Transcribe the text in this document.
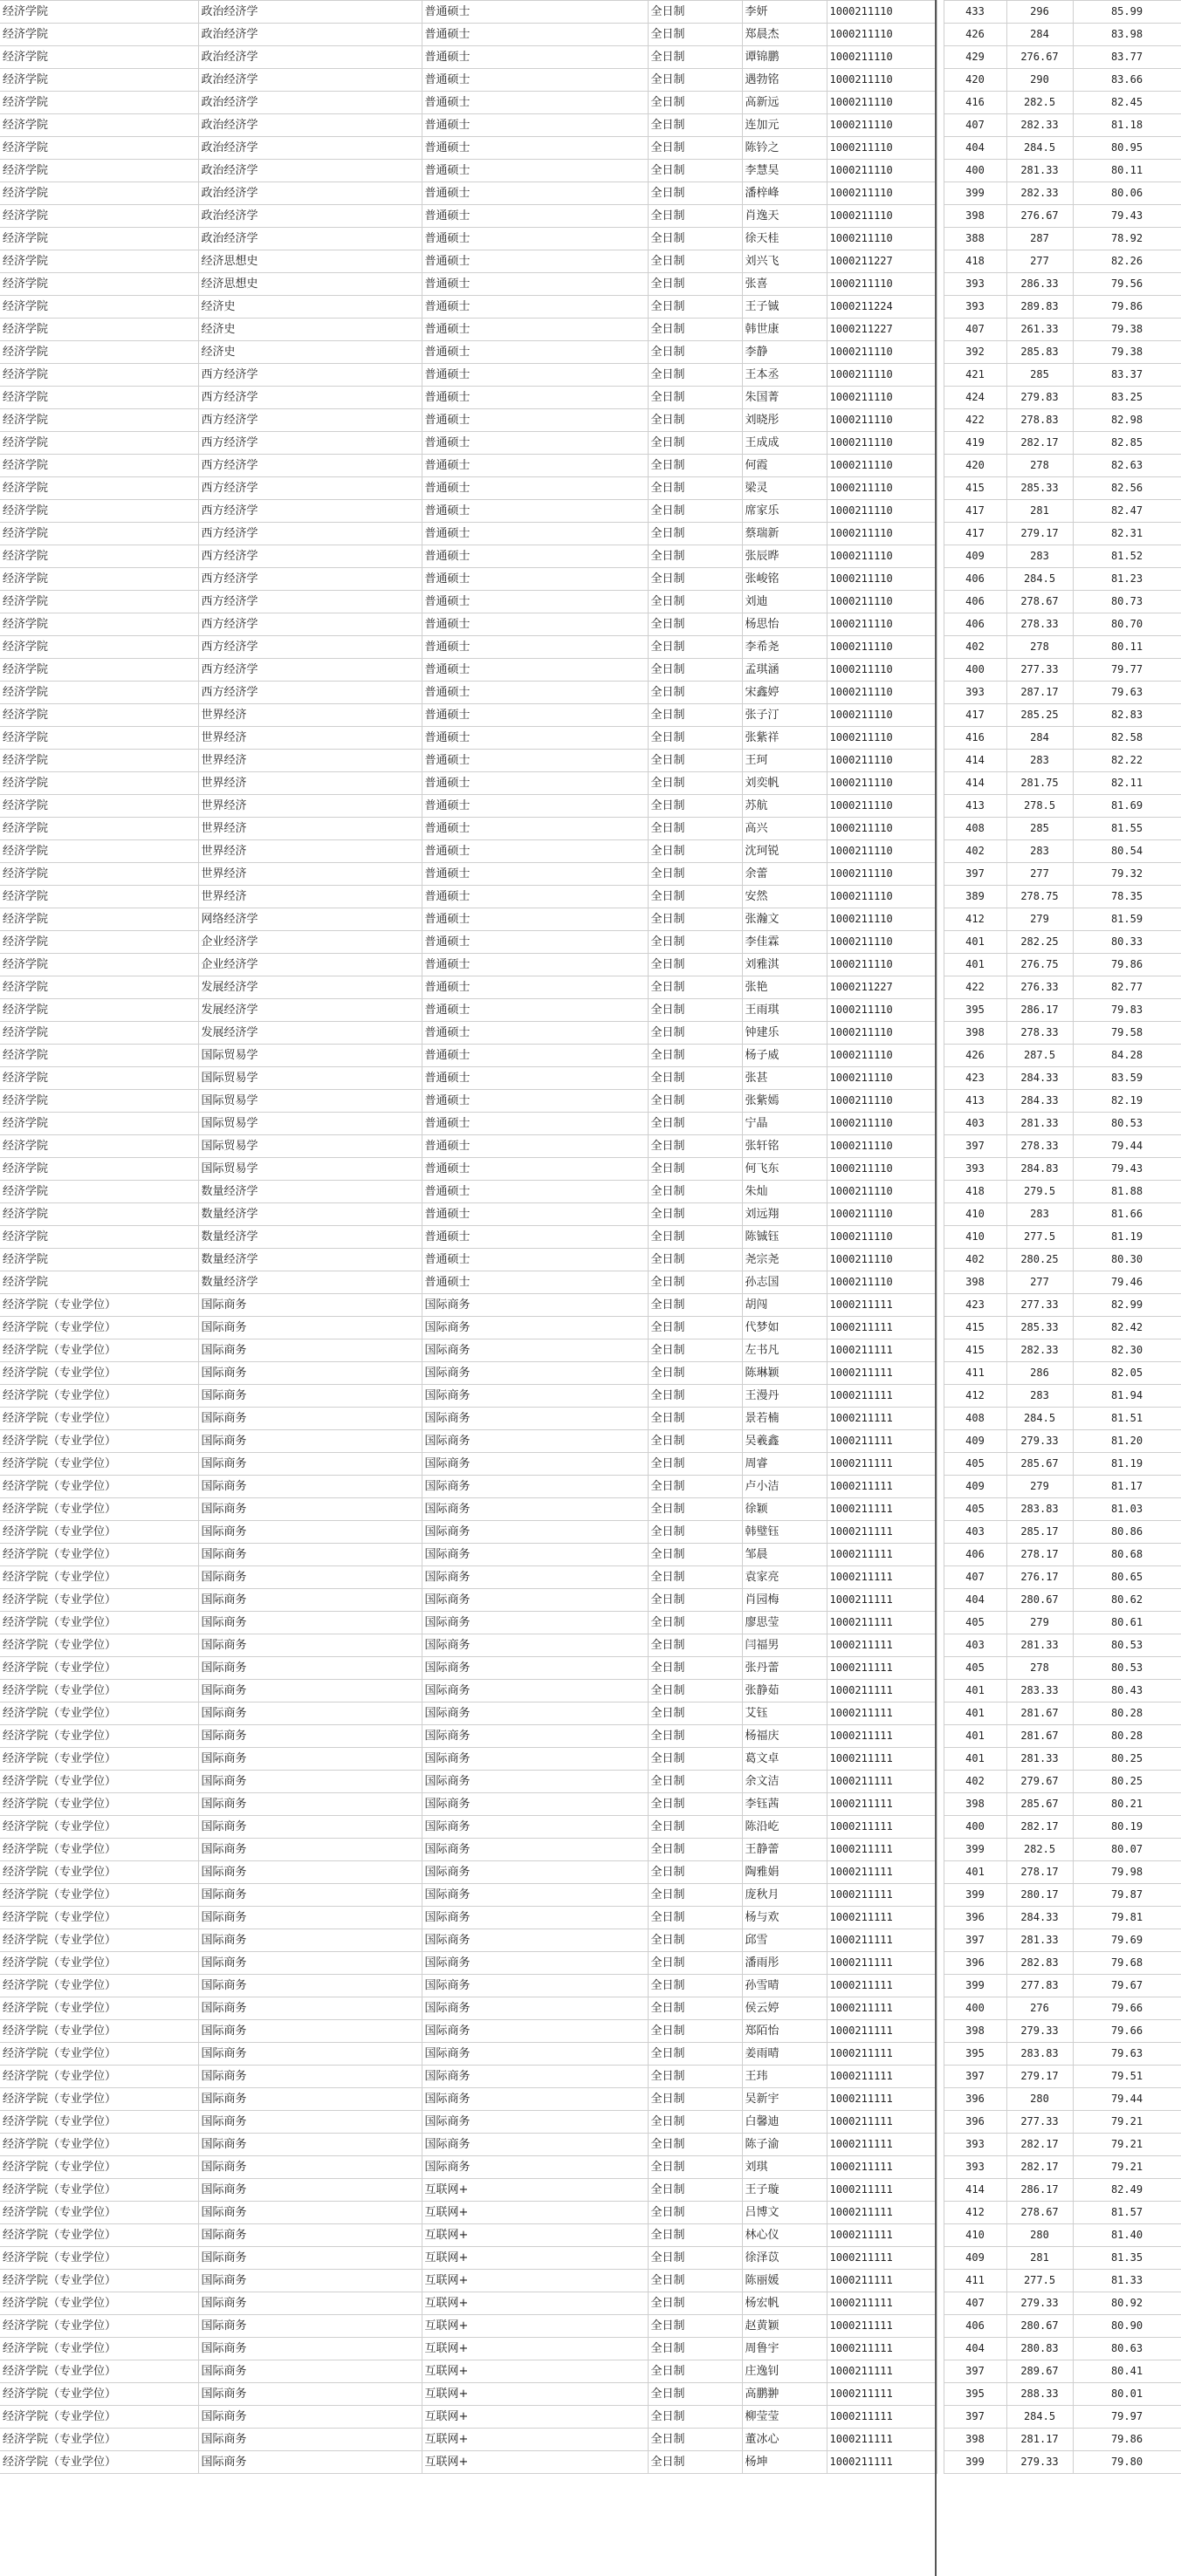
经济学院	政治经济学	普通硕士	全日制	李妍	1000211110		433	296	85.99	
经济学院	政治经济学	普通硕士	全日制	郑晨杰	1000211110		426	284	83.98	
经济学院	政治经济学	普通硕士	全日制	谭锦鹏	1000211110		429	276.67	83.77	
经济学院	政治经济学	普通硕士	全日制	遇勃铭	1000211110		420	290	83.66	
经济学院	政治经济学	普通硕士	全日制	高新远	1000211110		416	282.5	82.45	
经济学院	政治经济学	普通硕士	全日制	连加元	1000211110		407	282.33	81.18	
经济学院	政治经济学	普通硕士	全日制	陈钤之	1000211110		404	284.5	80.95	
经济学院	政治经济学	普通硕士	全日制	李慧昊	1000211110		400	281.33	80.11	
经济学院	政治经济学	普通硕士	全日制	潘梓峰	1000211110		399	282.33	80.06	
经济学院	政治经济学	普通硕士	全日制	肖逸天	1000211110		398	276.67	79.43	
经济学院	政治经济学	普通硕士	全日制	徐天桂	1000211110		388	287	78.92	
经济学院	经济思想史	普通硕士	全日制	刘兴飞	1000211227		418	277	82.26	
经济学院	经济思想史	普通硕士	全日制	张喜	1000211110		393	286.33	79.56	
经济学院	经济史	普通硕士	全日制	王子铖	1000211224		393	289.83	79.86	
经济学院	经济史	普通硕士	全日制	韩世康	1000211227		407	261.33	79.38	
经济学院	经济史	普通硕士	全日制	李静	1000211110		392	285.83	79.38	
经济学院	西方经济学	普通硕士	全日制	王本丞	1000211110		421	285	83.37	
经济学院	西方经济学	普通硕士	全日制	朱国菁	1000211110		424	279.83	83.25	
经济学院	西方经济学	普通硕士	全日制	刘晓彤	1000211110		422	278.83	82.98	
经济学院	西方经济学	普通硕士	全日制	王成成	1000211110		419	282.17	82.85	
经济学院	西方经济学	普通硕士	全日制	何霞	1000211110		420	278	82.63	
经济学院	西方经济学	普通硕士	全日制	梁灵	1000211110		415	285.33	82.56	
经济学院	西方经济学	普通硕士	全日制	席家乐	1000211110		417	281	82.47	
经济学院	西方经济学	普通硕士	全日制	蔡瑞新	1000211110		417	279.17	82.31	
经济学院	西方经济学	普通硕士	全日制	张辰晔	1000211110		409	283	81.52	
经济学院	西方经济学	普通硕士	全日制	张峻铭	1000211110		406	284.5	81.23	
经济学院	西方经济学	普通硕士	全日制	刘迪	1000211110		406	278.67	80.73	
经济学院	西方经济学	普通硕士	全日制	杨思怡	1000211110		406	278.33	80.70	
经济学院	西方经济学	普通硕士	全日制	李希尧	1000211110		402	278	80.11	
经济学院	西方经济学	普通硕士	全日制	孟琪涵	1000211110		400	277.33	79.77	
经济学院	西方经济学	普通硕士	全日制	宋鑫婷	1000211110		393	287.17	79.63	
经济学院	世界经济	普通硕士	全日制	张子汀	1000211110		417	285.25	82.83	
经济学院	世界经济	普通硕士	全日制	张紫祥	1000211110		416	284	82.58	
经济学院	世界经济	普通硕士	全日制	王珂	1000211110		414	283	82.22	
经济学院	世界经济	普通硕士	全日制	刘奕帆	1000211110		414	281.75	82.11	
经济学院	世界经济	普通硕士	全日制	苏航	1000211110		413	278.5	81.69	
经济学院	世界经济	普通硕士	全日制	高兴	1000211110		408	285	81.55	
经济学院	世界经济	普通硕士	全日制	沈珂锐	1000211110		402	283	80.54	
经济学院	世界经济	普通硕士	全日制	余蕾	1000211110		397	277	79.32	
经济学院	世界经济	普通硕士	全日制	安然	1000211110		389	278.75	78.35	
经济学院	网络经济学	普通硕士	全日制	张瀚文	1000211110		412	279	81.59	
经济学院	企业经济学	普通硕士	全日制	李佳霖	1000211110		401	282.25	80.33	
经济学院	企业经济学	普通硕士	全日制	刘雅淇	1000211110		401	276.75	79.86	
经济学院	发展经济学	普通硕士	全日制	张艳	1000211227		422	276.33	82.77	
经济学院	发展经济学	普通硕士	全日制	王雨琪	1000211110		395	286.17	79.83	
经济学院	发展经济学	普通硕士	全日制	钟建乐	1000211110		398	278.33	79.58	
经济学院	国际贸易学	普通硕士	全日制	杨子威	1000211110		426	287.5	84.28	
经济学院	国际贸易学	普通硕士	全日制	张甚	1000211110		423	284.33	83.59	
经济学院	国际贸易学	普通硕士	全日制	张紫嫣	1000211110		413	284.33	82.19	
经济学院	国际贸易学	普通硕士	全日制	宁晶	1000211110		403	281.33	80.53	
经济学院	国际贸易学	普通硕士	全日制	张轩铭	1000211110		397	278.33	79.44	
经济学院	国际贸易学	普通硕士	全日制	何飞东	1000211110		393	284.83	79.43	
经济学院	数量经济学	普通硕士	全日制	朱灿	1000211110		418	279.5	81.88	
经济学院	数量经济学	普通硕士	全日制	刘远翔	1000211110		410	283	81.66	
经济学院	数量经济学	普通硕士	全日制	陈铖钰	1000211110		410	277.5	81.19	
经济学院	数量经济学	普通硕士	全日制	尧宗尧	1000211110		402	280.25	80.30	
经济学院	数量经济学	普通硕士	全日制	孙志国	1000211110		398	277	79.46	
经济学院（专业学位）	国际商务	国际商务	全日制	胡闯	1000211111		423	277.33	82.99	
经济学院（专业学位）	国际商务	国际商务	全日制	代梦如	1000211111		415	285.33	82.42	
经济学院（专业学位）	国际商务	国际商务	全日制	左书凡	1000211111		415	282.33	82.30	
经济学院（专业学位）	国际商务	国际商务	全日制	陈琳颖	1000211111		411	286	82.05	
经济学院（专业学位）	国际商务	国际商务	全日制	王漫丹	1000211111		412	283	81.94	
经济学院（专业学位）	国际商务	国际商务	全日制	景若楠	1000211111		408	284.5	81.51	
经济学院（专业学位）	国际商务	国际商务	全日制	吴羲鑫	1000211111		409	279.33	81.20	
经济学院（专业学位）	国际商务	国际商务	全日制	周睿	1000211111		405	285.67	81.19	
经济学院（专业学位）	国际商务	国际商务	全日制	卢小洁	1000211111		409	279	81.17	
经济学院（专业学位）	国际商务	国际商务	全日制	徐颖	1000211111		405	283.83	81.03	
经济学院（专业学位）	国际商务	国际商务	全日制	韩璧钰	1000211111		403	285.17	80.86	
经济学院（专业学位）	国际商务	国际商务	全日制	邹晨	1000211111		406	278.17	80.68	
经济学院（专业学位）	国际商务	国际商务	全日制	袁家亮	1000211111		407	276.17	80.65	
经济学院（专业学位）	国际商务	国际商务	全日制	肖园梅	1000211111		404	280.67	80.62	
经济学院（专业学位）	国际商务	国际商务	全日制	廖思莹	1000211111		405	279	80.61	
经济学院（专业学位）	国际商务	国际商务	全日制	闫福男	1000211111		403	281.33	80.53	
经济学院（专业学位）	国际商务	国际商务	全日制	张丹蕾	1000211111		405	278	80.53	
经济学院（专业学位）	国际商务	国际商务	全日制	张静茹	1000211111		401	283.33	80.43	
经济学院（专业学位）	国际商务	国际商务	全日制	艾钰	1000211111		401	281.67	80.28	
经济学院（专业学位）	国际商务	国际商务	全日制	杨福庆	1000211111		401	281.67	80.28	
经济学院（专业学位）	国际商务	国际商务	全日制	葛文卓	1000211111		401	281.33	80.25	
经济学院（专业学位）	国际商务	国际商务	全日制	余文洁	1000211111		402	279.67	80.25	
经济学院（专业学位）	国际商务	国际商务	全日制	李钰茜	1000211111		398	285.67	80.21	
经济学院（专业学位）	国际商务	国际商务	全日制	陈沿屹	1000211111		400	282.17	80.19	
经济学院（专业学位）	国际商务	国际商务	全日制	王静蕾	1000211111		399	282.5	80.07	
经济学院（专业学位）	国际商务	国际商务	全日制	陶雅娟	1000211111		401	278.17	79.98	
经济学院（专业学位）	国际商务	国际商务	全日制	庞秋月	1000211111		399	280.17	79.87	
经济学院（专业学位）	国际商务	国际商务	全日制	杨与欢	1000211111		396	284.33	79.81	
经济学院（专业学位）	国际商务	国际商务	全日制	邱雪	1000211111		397	281.33	79.69	
经济学院（专业学位）	国际商务	国际商务	全日制	潘雨彤	1000211111		396	282.83	79.68	
经济学院（专业学位）	国际商务	国际商务	全日制	孙雪晴	1000211111		399	277.83	79.67	
经济学院（专业学位）	国际商务	国际商务	全日制	侯云婷	1000211111		400	276	79.66	
经济学院（专业学位）	国际商务	国际商务	全日制	郑陌怡	1000211111		398	279.33	79.66	
经济学院（专业学位）	国际商务	国际商务	全日制	姜雨晴	1000211111		395	283.83	79.63	
经济学院（专业学位）	国际商务	国际商务	全日制	王玮	1000211111		397	279.17	79.51	
经济学院（专业学位）	国际商务	国际商务	全日制	吴新宇	1000211111		396	280	79.44	
经济学院（专业学位）	国际商务	国际商务	全日制	白馨迪	1000211111		396	277.33	79.21	
经济学院（专业学位）	国际商务	国际商务	全日制	陈子渝	1000211111		393	282.17	79.21	
经济学院（专业学位）	国际商务	国际商务	全日制	刘琪	1000211111		393	282.17	79.21	
经济学院（专业学位）	国际商务	互联网+	全日制	王子璇	1000211111		414	286.17	82.49	
经济学院（专业学位）	国际商务	互联网+	全日制	吕博文	1000211111		412	278.67	81.57	
经济学院（专业学位）	国际商务	互联网+	全日制	林心仪	1000211111		410	280	81.40	
经济学院（专业学位）	国际商务	互联网+	全日制	徐泽苡	1000211111		409	281	81.35	
经济学院（专业学位）	国际商务	互联网+	全日制	陈丽媛	1000211111		411	277.5	81.33	
经济学院（专业学位）	国际商务	互联网+	全日制	杨宏帆	1000211111		407	279.33	80.92	
经济学院（专业学位）	国际商务	互联网+	全日制	赵黄颖	1000211111		406	280.67	80.90	
经济学院（专业学位）	国际商务	互联网+	全日制	周鲁宇	1000211111		404	280.83	80.63	
经济学院（专业学位）	国际商务	互联网+	全日制	庄逸钊	1000211111		397	289.67	80.41	
经济学院（专业学位）	国际商务	互联网+	全日制	高鹏翀	1000211111		395	288.33	80.01	
经济学院（专业学位）	国际商务	互联网+	全日制	柳莹莹	1000211111		397	284.5	79.97	
经济学院（专业学位）	国际商务	互联网+	全日制	董冰心	1000211111		398	281.17	79.86	
经济学院（专业学位）	国际商务	互联网+	全日制	杨坤	1000211111		399	279.33	79.80	
